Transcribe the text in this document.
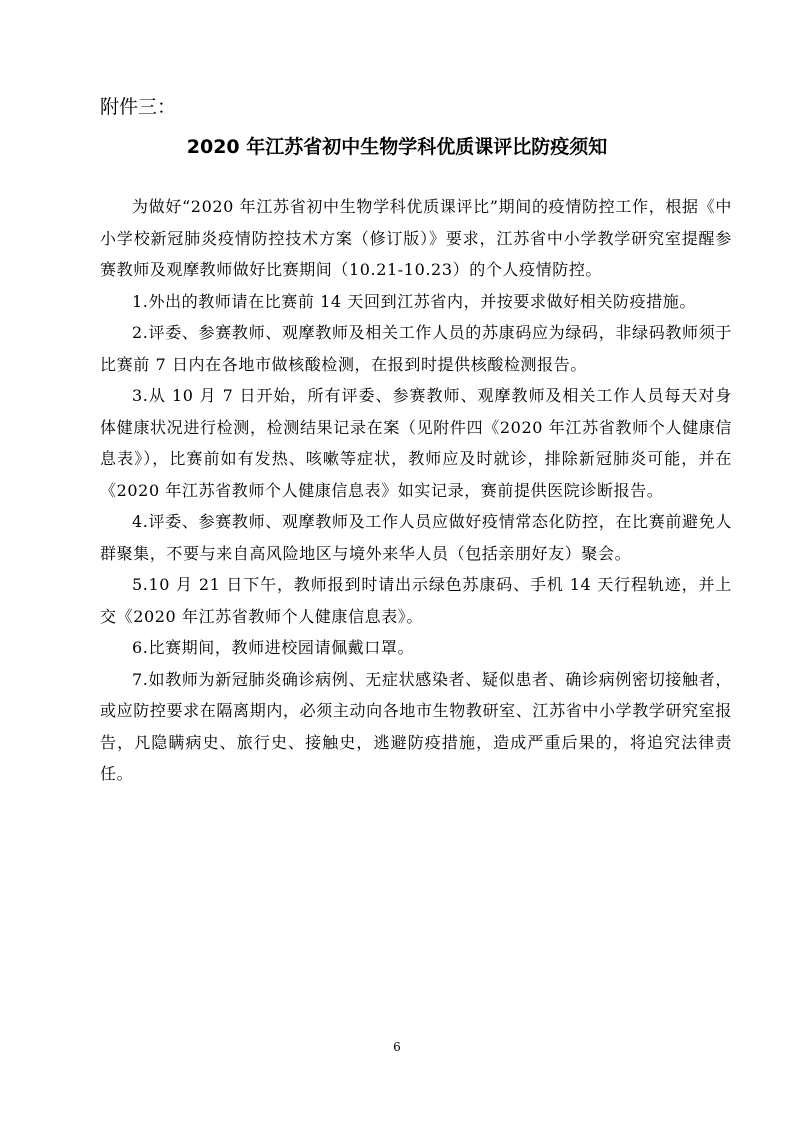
附件三：

2020 年江苏省初中生物学科优质课评比防疫须知

为做好“2020 年江苏省初中生物学科优质课评比”期间的疫情防控工作，根据《中小学校新冠肺炎疫情防控技术方案（修订版）》要求，江苏省中小学教学研究室提醒参赛教师及观摩教师做好比赛期间（10.21-10.23）的个人疫情防控。

1.外出的教师请在比赛前 14 天回到江苏省内，并按要求做好相关防疫措施。

2.评委、参赛教师、观摩教师及相关工作人员的苏康码应为绿码，非绿码教师须于比赛前 7 日内在各地市做核酸检测，在报到时提供核酸检测报告。

3.从 10 月 7 日开始，所有评委、参赛教师、观摩教师及相关工作人员每天对身体健康状况进行检测，检测结果记录在案（见附件四《2020 年江苏省教师个人健康信息表》），比赛前如有发热、咳嗽等症状，教师应及时就诊，排除新冠肺炎可能，并在《2020 年江苏省教师个人健康信息表》如实记录，赛前提供医院诊断报告。

4.评委、参赛教师、观摩教师及工作人员应做好疫情常态化防控，在比赛前避免人群聚集，不要与来自高风险地区与境外来华人员（包括亲朋好友）聚会。

5.10 月 21 日下午，教师报到时请出示绿色苏康码、手机 14 天行程轨迹，并上交《2020 年江苏省教师个人健康信息表》。

6.比赛期间，教师进校园请佩戴口罩。

7.如教师为新冠肺炎确诊病例、无症状感染者、疑似患者、确诊病例密切接触者，或应防控要求在隔离期内，必须主动向各地市生物教研室、江苏省中小学教学研究室报告，凡隐瞒病史、旅行史、接触史，逃避防疫措施，造成严重后果的，将追究法律责任。

6
